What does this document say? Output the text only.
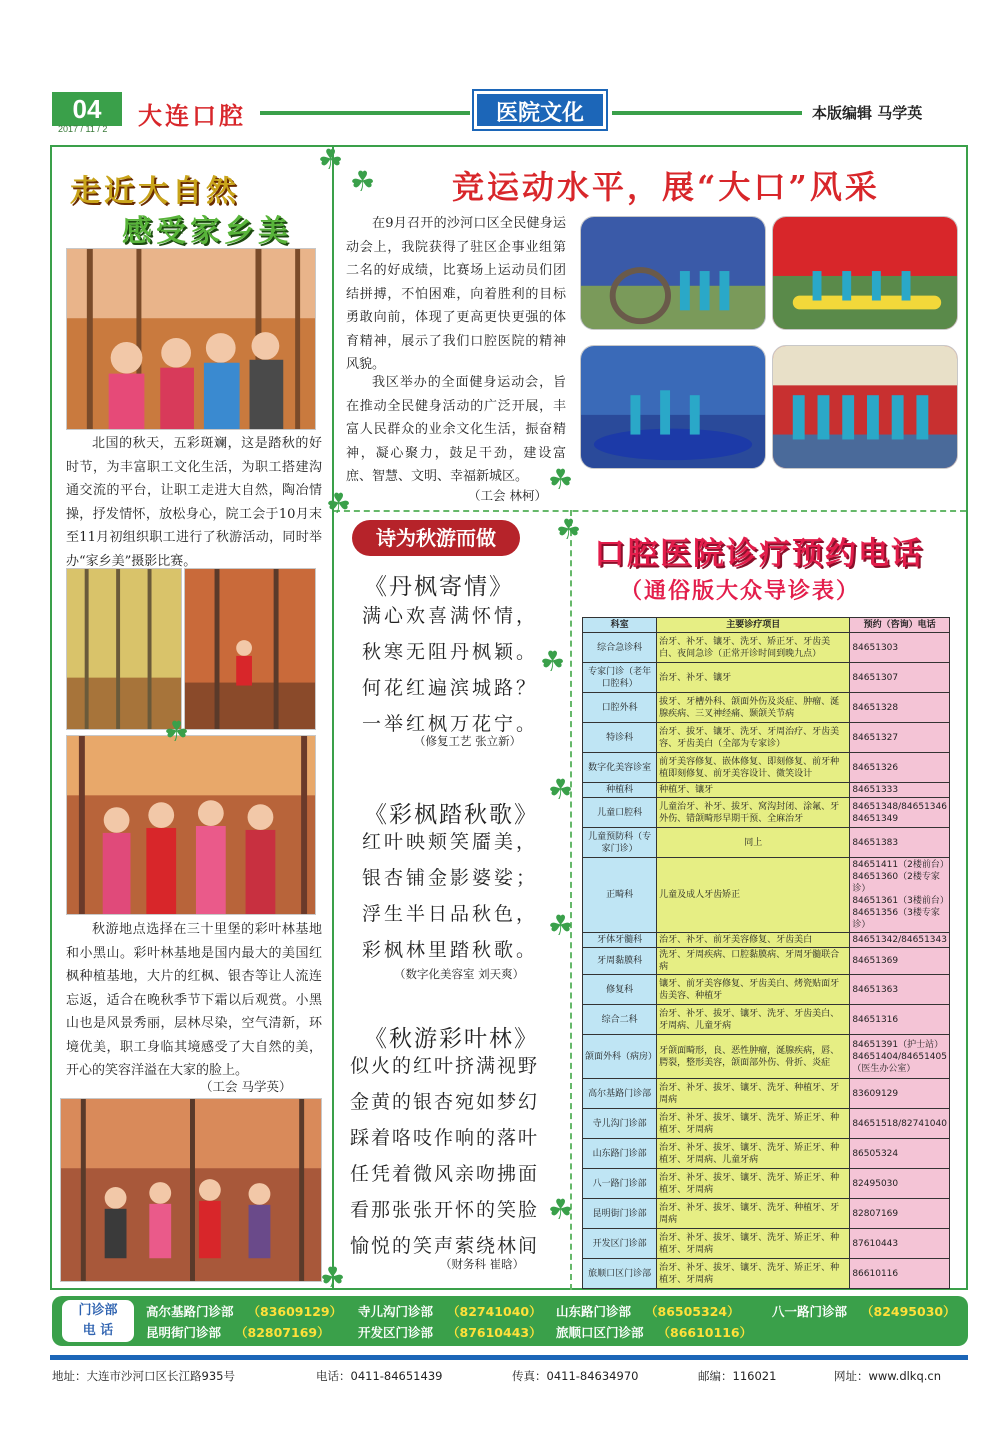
04
2017 / 11 / 2 大连口腔	医院文化	本版编辑 马学英
走近大自然
感受家乡美
北国的秋天，五彩斑斓，这是踏秋的好时节，为丰富职工文化生活，为职工搭建沟通交流的平台，让职工走进大自然，陶冶情操，抒发情怀，放松身心，院工会于10月末至11月初组织职工进行了秋游活动，同时举办“家乡美”摄影比赛。
秋游地点选择在三十里堡的彩叶林基地和小黑山。彩叶林基地是国内最大的美国红枫种植基地，大片的红枫、银杏等让人流连忘返，适合在晚秋季节下霜以后观赏。小黑山也是风景秀丽，层林尽染，空气清新，环境优美，职工身临其境感受了大自然的美，开心的笑容洋溢在大家的脸上。
（工会 马学英）
竞运动水平，展“大口”风采
在9月召开的沙河口区全民健身运动会上，我院获得了驻区企事业组第二名的好成绩，比赛场上运动员们团结拼搏，不怕困难，向着胜利的目标勇敢向前，体现了更高更快更强的体育精神，展示了我们口腔医院的精神风貌。
我区举办的全面健身运动会，旨在推动全民健身活动的广泛开展，丰富人民群众的业余文化生活，振奋精神，凝心聚力，鼓足干劲，建设富庶、智慧、文明、幸福新城区。
（工会 林柯）
诗为秋游而做
《丹枫寄情》
满心欢喜满怀情，
秋寒无阻丹枫颖。
何花红遍滨城路？
一举红枫万花宁。
（修复工艺 张立新）
《彩枫踏秋歌》
红叶映颊笑靥美，
银杏铺金影婆娑；
浮生半日品秋色，
彩枫林里踏秋歌。
（数字化美容室 刘天爽）
《秋游彩叶林》
似火的红叶挤满视野
金黄的银杏宛如梦幻
踩着咯吱作响的落叶
任凭着微风亲吻拂面
看那张张开怀的笑脸
愉悦的笑声萦绕林间
（财务科 崔晗）
口腔医院诊疗预约电话
（通俗版大众导诊表）
科室	主要诊疗项目	预约（咨询）电话
综合急诊科	治牙、补牙、镶牙、洗牙、矫正牙、牙齿美白、夜间急诊（正常开诊时间到晚九点）	84651303
专家门诊（老年口腔科）	治牙、补牙、镶牙	84651307
口腔外科	拔牙、牙槽外科、颌面外伤及炎症、肿瘤、涎腺疾病、三叉神经痛、颞颌关节病	84651328
特诊科	治牙、拔牙、镶牙、洗牙、牙周治疗、牙齿美容、牙齿美白（全部为专家诊）	84651327
数字化美容诊室	前牙美容修复、嵌体修复、即刻修复、前牙种植即刻修复、前牙美容设计、微笑设计	84651326
种植科	种植牙、镶牙	84651333
儿童口腔科	儿童治牙、补牙、拔牙、窝沟封闭、涂氟、牙外伤、错颌畸形早期干预、全麻治牙	84651348/84651346 84651349
儿童预防科（专家门诊）	同上	84651383
正畸科	儿童及成人牙齿矫正	84651411（2楼前台）
84651360（2楼专家诊）
84651361（3楼前台）
84651356（3楼专家诊）

牙体牙髓科	治牙、补牙、前牙美容修复、牙齿美白	84651342/84651343
牙周黏膜科	洗牙、牙周疾病、口腔黏膜病、牙周牙髓联合病	84651369
修复科	镶牙、前牙美容修复、牙齿美白、烤瓷贴面牙齿美容、种植牙	84651363
综合二科	治牙、补牙、拔牙、镶牙、洗牙、牙齿美白、牙周病、儿童牙病	84651316
颌面外科（病房）	牙颌面畸形，良、恶性肿瘤，涎腺疾病，唇、腭裂，整形美容，颌面部外伤、骨折、炎症	84651391（护士站）
84651404/84651405
（医生办公室）

高尔基路门诊部	治牙、补牙、拔牙、镶牙、洗牙、种植牙、牙周病	83609129
寺儿沟门诊部	治牙、补牙、拔牙、镶牙、洗牙、矫正牙、种植牙、牙周病	84651518/82741040
山东路门诊部	治牙、补牙、拔牙、镶牙、洗牙、矫正牙、种植牙、牙周病、儿童牙病	86505324
八一路门诊部	治牙、补牙、拔牙、镶牙、洗牙、矫正牙、种植牙、牙周病	82495030
昆明街门诊部	治牙、补牙、拔牙、镶牙、洗牙、种植牙、牙周病	82807169
开发区门诊部	治牙、补牙、拔牙、镶牙、洗牙、矫正牙、种植牙、牙周病	87610443
旅顺口区门诊部	治牙、补牙、拔牙、镶牙、洗牙、矫正牙、种植牙、牙周病	86610116
☘
☘
☘
☘
☘
☘
☘
☘
☘
☘
☘
门诊部
电 话
高尔基路门诊部 （83609129） 寺儿沟门诊部 （82741040） 山东路门诊部 （86505324）	八一路门诊部 （82495030）
昆明街门诊部 （82807169） 开发区门诊部 （87610443） 旅顺口区门诊部 （86610116）
地址：大连市沙河口区长江路935号	电话：0411-84651439	传真：0411-84634970	邮编：116021	网址：www.dlkq.cn
